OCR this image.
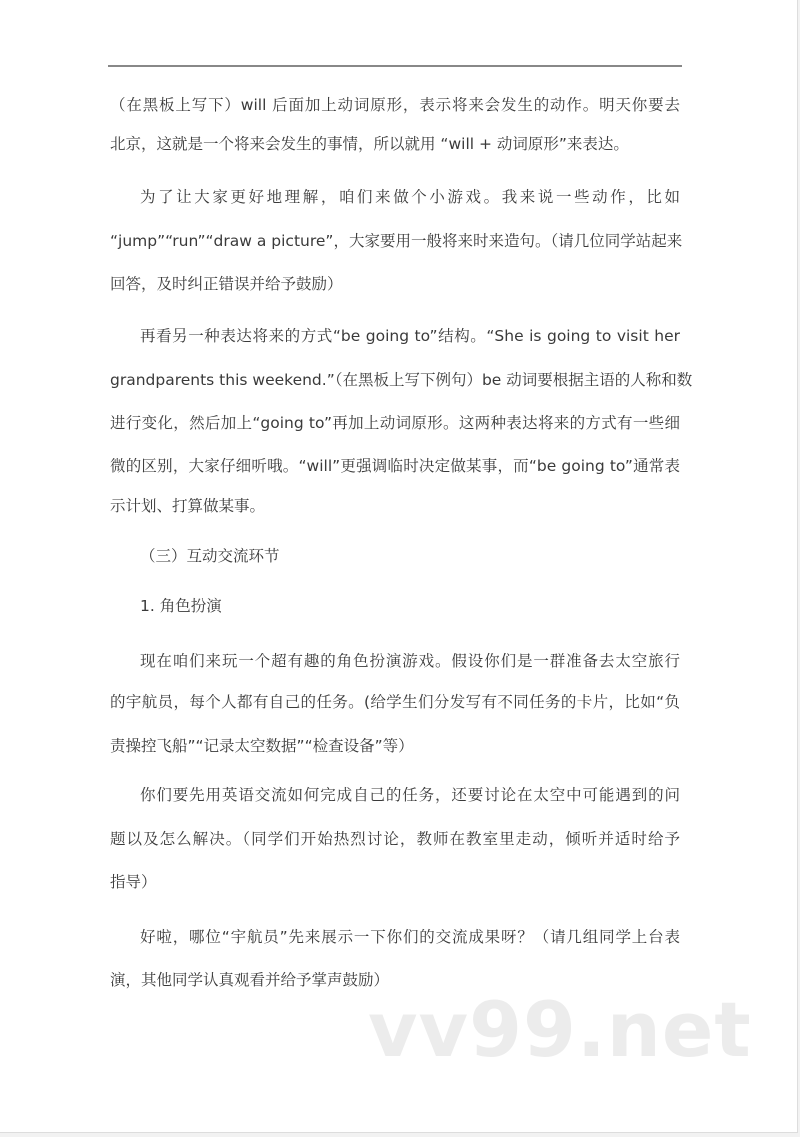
（在黑板上写下）will 后面加上动词原形，表示将来会发生的动作。明天你要去
北京，这就是一个将来会发生的事情，所以就用 “will + 动词原形”来表达。
为了让大家更好地理解，咱们来做个小游戏。我来说一些动作，比如
“jump”“run”“draw a picture”，大家要用一般将来时来造句。（请几位同学站起来
回答，及时纠正错误并给予鼓励）
再看另一种表达将来的方式“be going to”结构。“She is going to visit her
grandparents this weekend.”（在黑板上写下例句）be 动词要根据主语的人称和数
进行变化，然后加上“going to”再加上动词原形。这两种表达将来的方式有一些细
微的区别，大家仔细听哦。“will”更强调临时决定做某事，而“be going to”通常表
示计划、打算做某事。
（三）互动交流环节
1. 角色扮演
现在咱们来玩一个超有趣的角色扮演游戏。假设你们是一群准备去太空旅行
的宇航员，每个人都有自己的任务。(给学生们分发写有不同任务的卡片，比如“负
责操控飞船”“记录太空数据”“检查设备”等）
你们要先用英语交流如何完成自己的任务，还要讨论在太空中可能遇到的问
题以及怎么解决。（同学们开始热烈讨论，教师在教室里走动，倾听并适时给予
指导）
好啦，哪位“宇航员”先来展示一下你们的交流成果呀？（请几组同学上台表
演，其他同学认真观看并给予掌声鼓励）
vv99.net
